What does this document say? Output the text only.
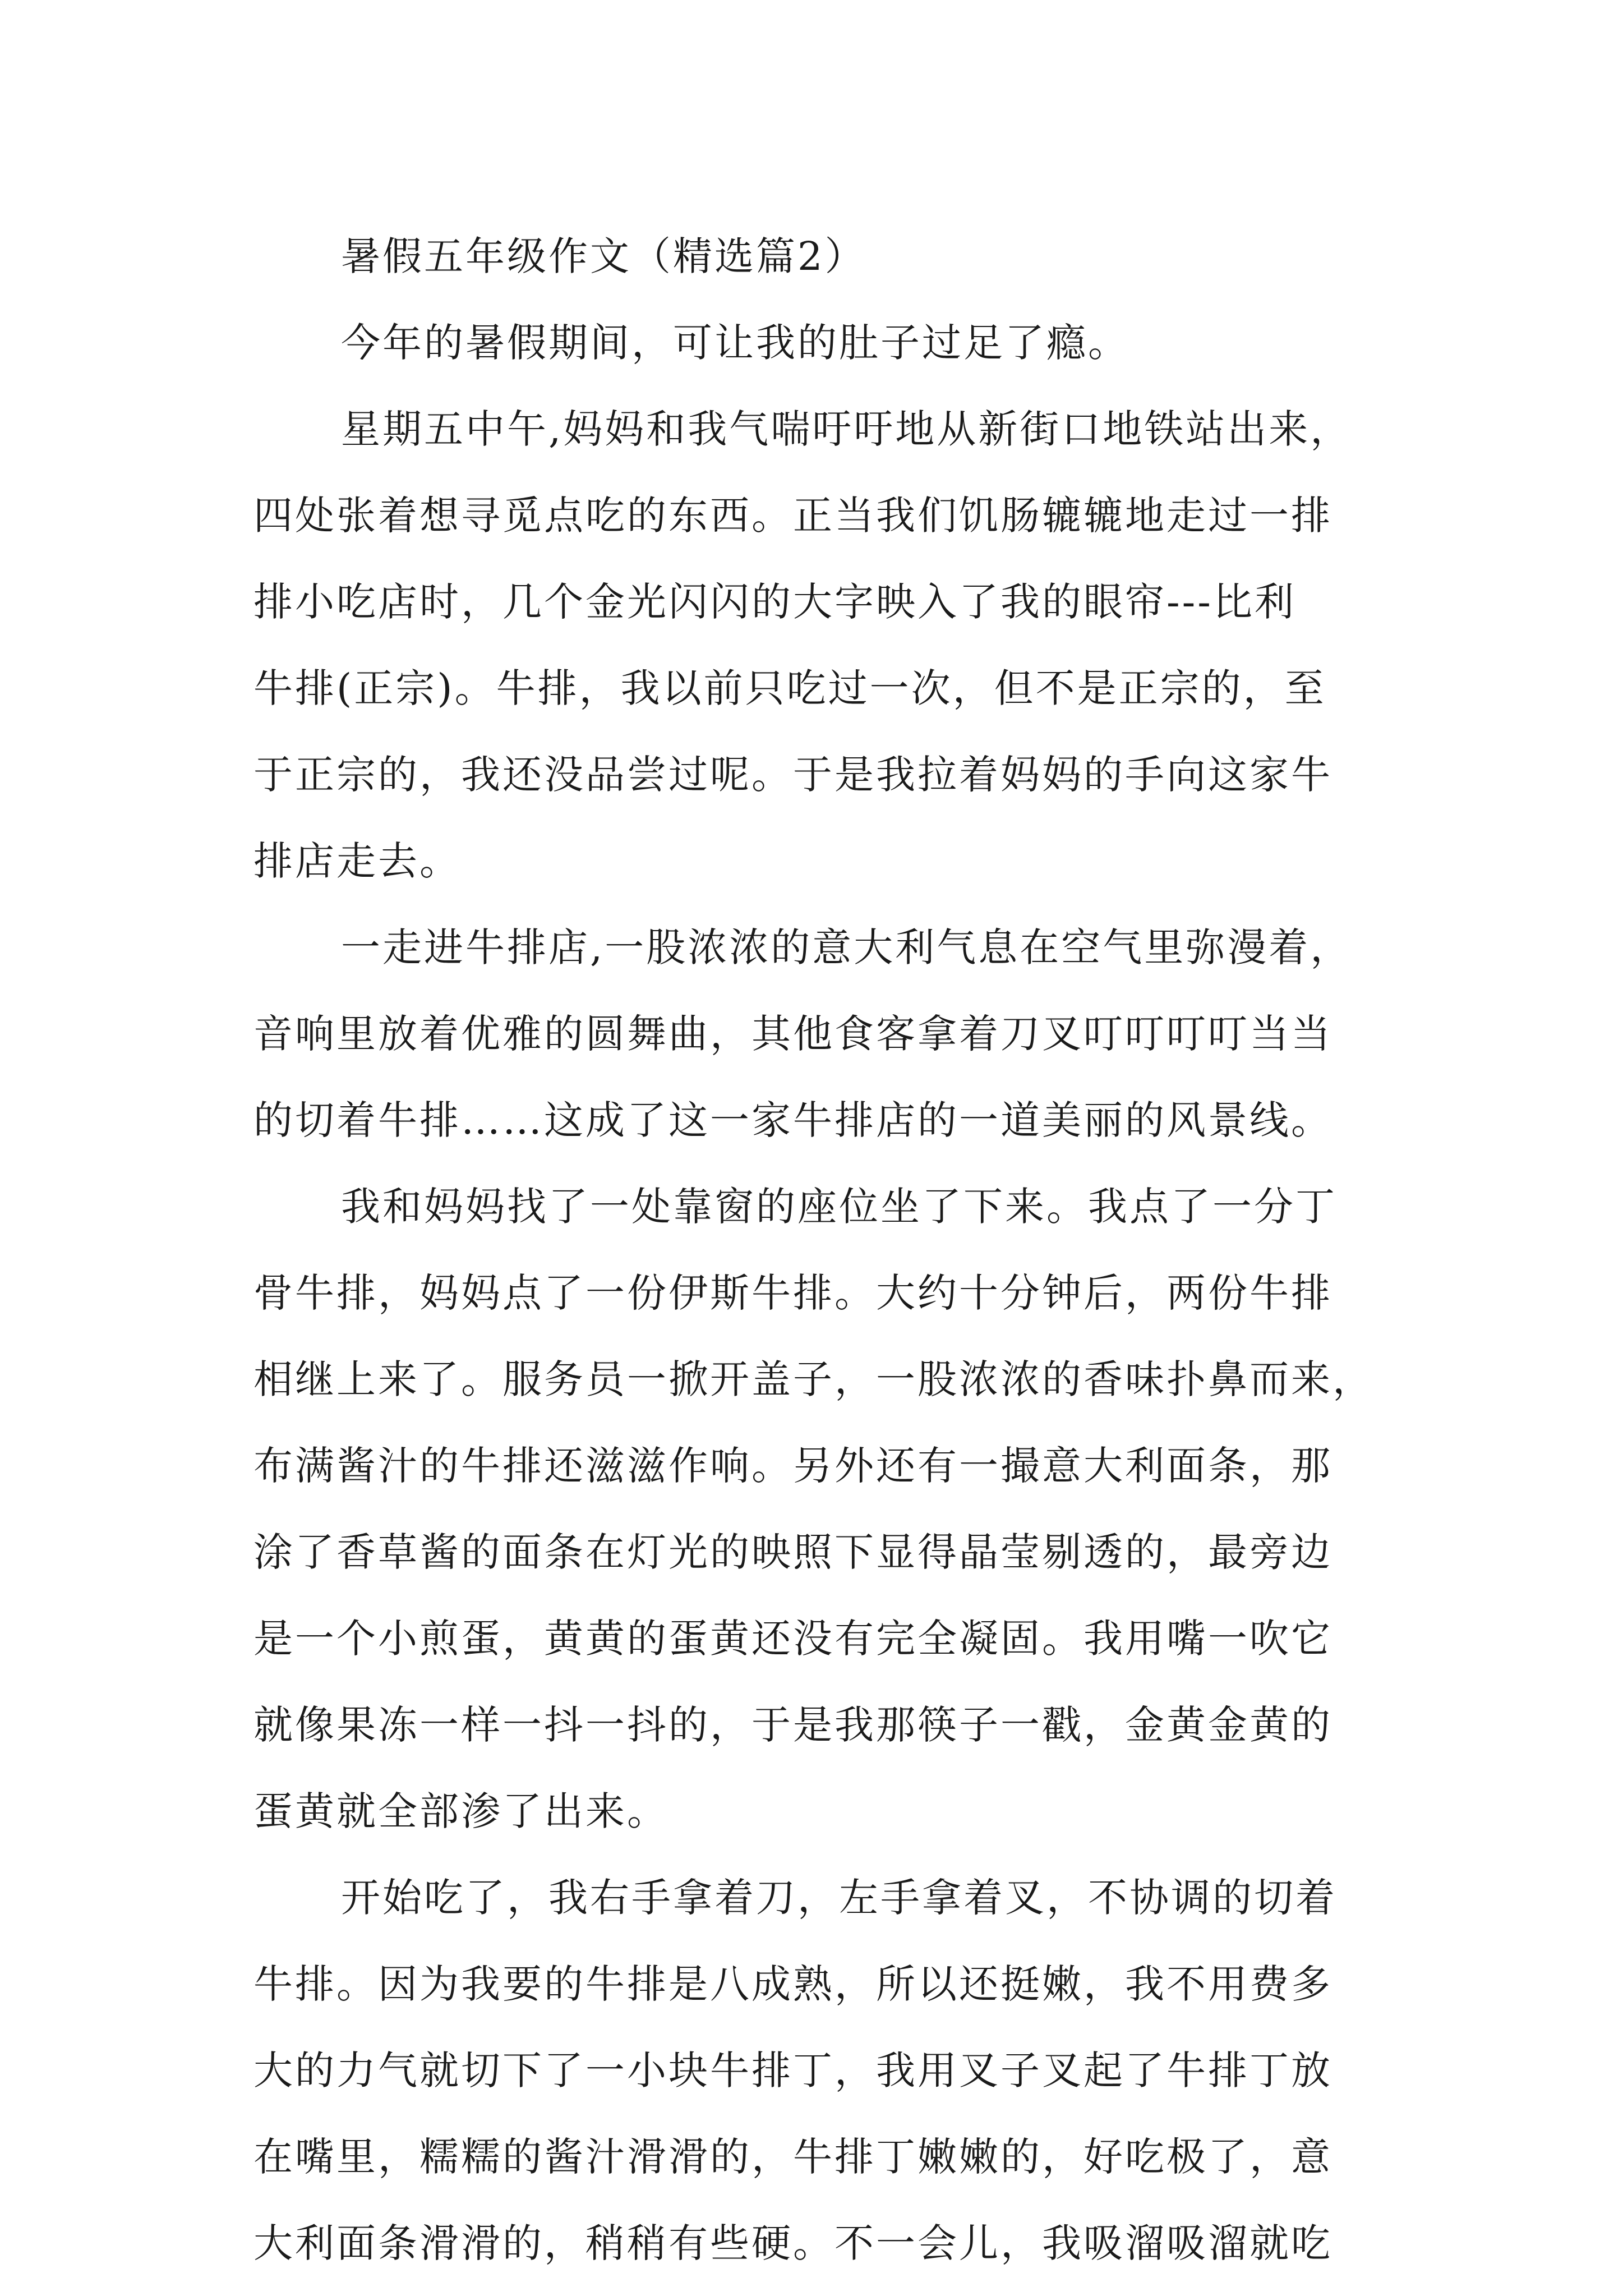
暑假五年级作文（精选篇2）
今年的暑假期间，可让我的肚子过足了瘾。
星期五中午,妈妈和我气喘吁吁地从新街口地铁站出来，
四处张着想寻觅点吃的东西。正当我们饥肠辘辘地走过一排
排小吃店时，几个金光闪闪的大字映入了我的眼帘---比利
牛排(正宗)。牛排，我以前只吃过一次，但不是正宗的，至
于正宗的，我还没品尝过呢。于是我拉着妈妈的手向这家牛
排店走去。
一走进牛排店,一股浓浓的意大利气息在空气里弥漫着，
音响里放着优雅的圆舞曲，其他食客拿着刀叉叮叮叮叮当当
的切着牛排……这成了这一家牛排店的一道美丽的风景线。
我和妈妈找了一处靠窗的座位坐了下来。我点了一分丁
骨牛排，妈妈点了一份伊斯牛排。大约十分钟后，两份牛排
相继上来了。服务员一掀开盖子，一股浓浓的香味扑鼻而来，
布满酱汁的牛排还滋滋作响。另外还有一撮意大利面条，那
涂了香草酱的面条在灯光的映照下显得晶莹剔透的，最旁边
是一个小煎蛋，黄黄的蛋黄还没有完全凝固。我用嘴一吹它
就像果冻一样一抖一抖的，于是我那筷子一戳，金黄金黄的
蛋黄就全部渗了出来。
开始吃了，我右手拿着刀，左手拿着叉，不协调的切着
牛排。因为我要的牛排是八成熟，所以还挺嫩，我不用费多
大的力气就切下了一小块牛排丁，我用叉子叉起了牛排丁放
在嘴里，糯糯的酱汁滑滑的，牛排丁嫩嫩的，好吃极了，意
大利面条滑滑的，稍稍有些硬。不一会儿，我吸溜吸溜就吃
